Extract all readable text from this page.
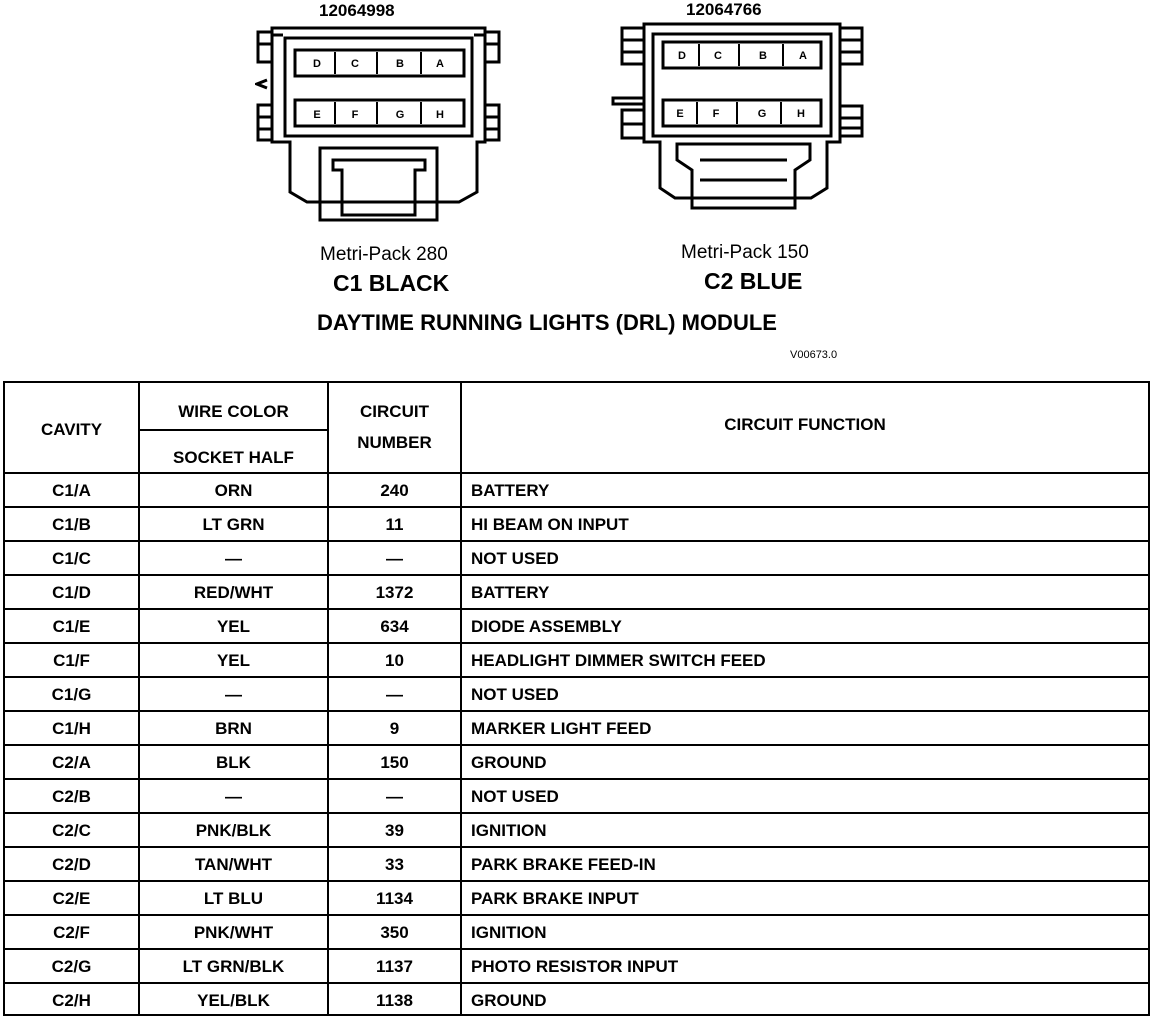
12064998
D	C	B	A
E	F	G	H
Metri-Pack 280
C1 BLACK
12064766
D	C	B	A
E	F	G	H
Metri-Pack 150
C2 BLUE
DAYTIME RUNNING LIGHTS (DRL) MODULE
V00673.0
CAVITY
WIRE COLOR
SOCKET HALF
CIRCUIT
NUMBER
CIRCUIT FUNCTION
C1/A	ORN	240	BATTERY
C1/B	LT GRN	11	HI BEAM ON INPUT
C1/C	—	—	NOT USED
C1/D	RED/WHT	1372	BATTERY
C1/E	YEL	634	DIODE ASSEMBLY
C1/F	YEL	10	HEADLIGHT DIMMER SWITCH FEED
C1/G	—	—	NOT USED
C1/H	BRN	9	MARKER LIGHT FEED
C2/A	BLK	150	GROUND
C2/B	—	—	NOT USED
C2/C	PNK/BLK	39	IGNITION
C2/D	TAN/WHT	33	PARK BRAKE FEED-IN
C2/E	LT BLU	1134	PARK BRAKE INPUT
C2/F	PNK/WHT	350	IGNITION
C2/G	LT GRN/BLK	1137	PHOTO RESISTOR INPUT
C2/H	YEL/BLK	1138	GROUND
